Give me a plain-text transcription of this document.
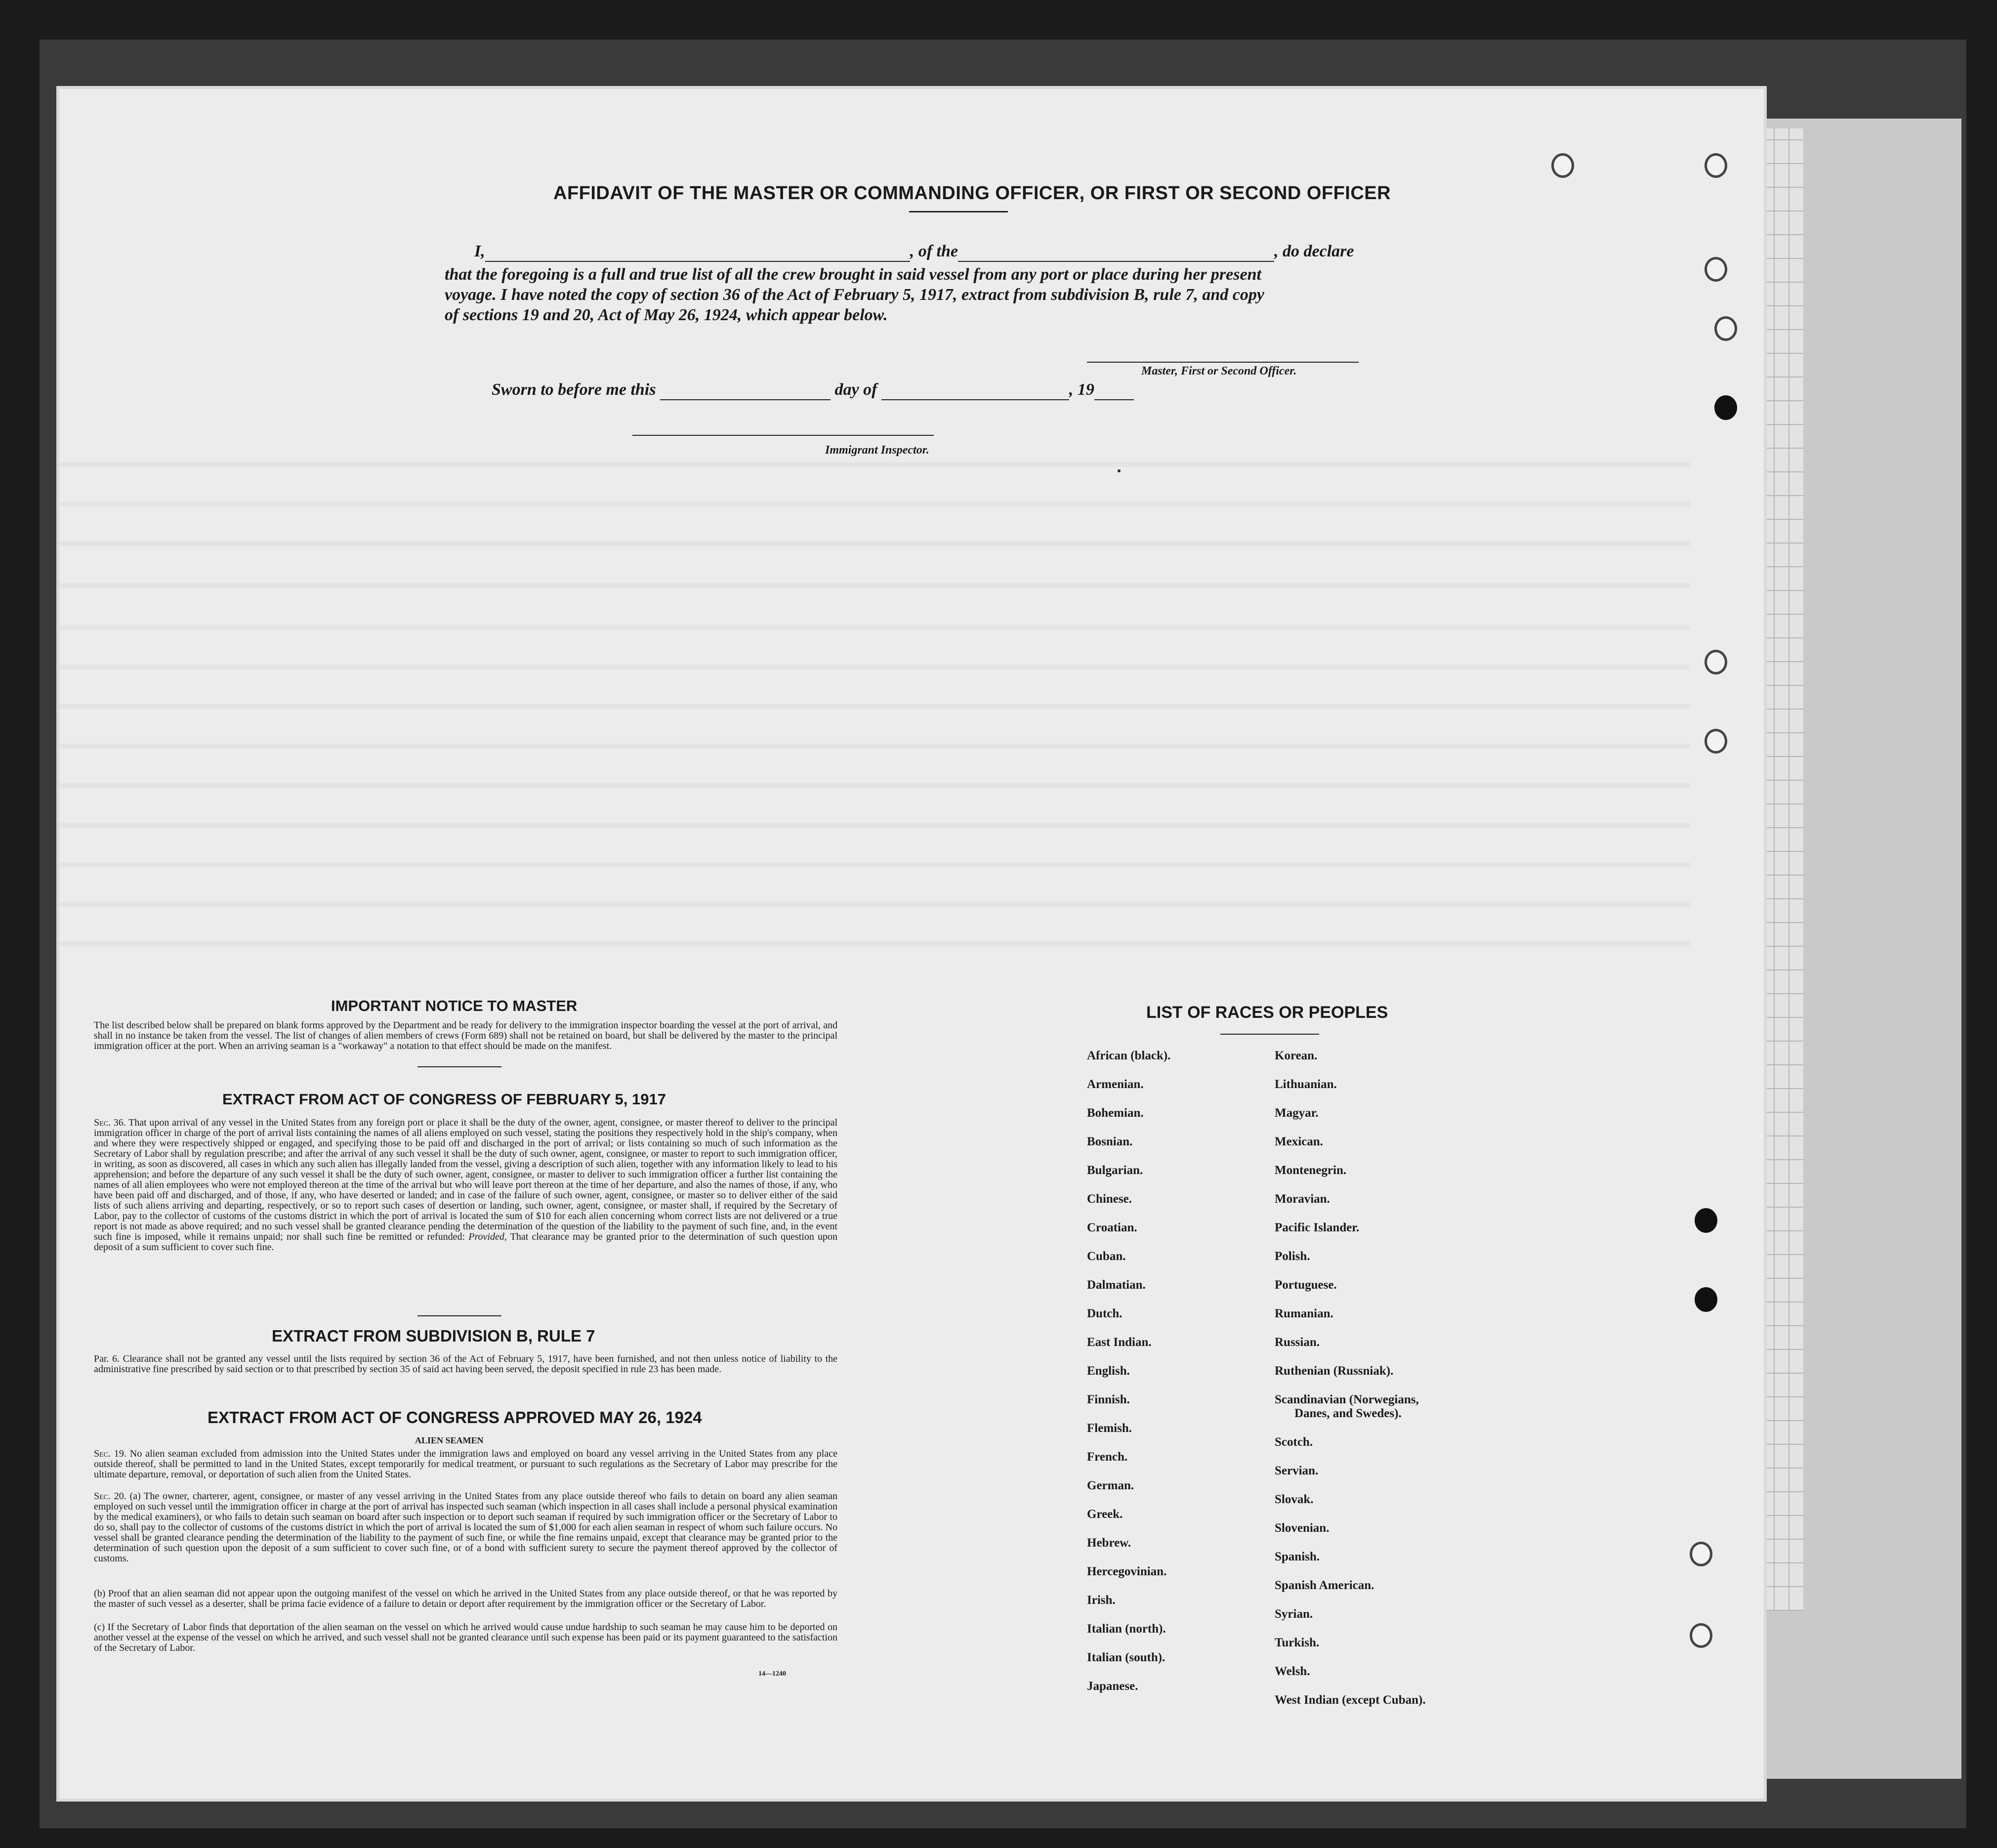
AFFIDAVIT OF THE MASTER OR COMMANDING OFFICER, OR FIRST OR SECOND OFFICER
I,	, of the	, do declare
that the foregoing is a full and true list of all the crew brought in said vessel from any port or place during her present
voyage. I have noted the copy of section 36 of the Act of February 5, 1917, extract from subdivision B, rule 7, and copy
of sections 19 and 20, Act of May 26, 1924, which appear below.
Master, First or Second Officer.
Sworn to before me this	day of	, 19
Immigrant Inspector.
IMPORTANT NOTICE TO MASTER

The list described below shall be prepared on blank forms approved by the Department and be ready for delivery to the immigration inspector boarding the vessel at the port of arrival, and shall in no instance be taken from the vessel. The list of changes of alien members of crews (Form 689) shall not be retained on board, but shall be delivered by the master to the principal immigration officer at the port. When an arriving seaman is a "workaway" a notation to that effect should be made on the manifest.

EXTRACT FROM ACT OF CONGRESS OF FEBRUARY 5, 1917

Sec. 36. That upon arrival of any vessel in the United States from any foreign port or place it shall be the duty of the owner, agent, consignee, or master thereof to deliver to the principal immigration officer in charge of the port of arrival lists containing the names of all aliens employed on such vessel, stating the positions they respectively hold in the ship's company, when and where they were respectively shipped or engaged, and specifying those to be paid off and discharged in the port of arrival; or lists containing so much of such information as the Secretary of Labor shall by regulation prescribe; and after the arrival of any such vessel it shall be the duty of such owner, agent, consignee, or master to report to such immigration officer, in writing, as soon as discovered, all cases in which any such alien has illegally landed from the vessel, giving a description of such alien, together with any information likely to lead to his apprehension; and before the departure of any such vessel it shall be the duty of such owner, agent, consignee, or master to deliver to such immigration officer a further list containing the names of all alien employees who were not employed thereon at the time of the arrival but who will leave port thereon at the time of her departure, and also the names of those, if any, who have been paid off and discharged, and of those, if any, who have deserted or landed; and in case of the failure of such owner, agent, consignee, or master so to deliver either of the said lists of such aliens arriving and departing, respectively, or so to report such cases of desertion or landing, such owner, agent, consignee, or master shall, if required by the Secretary of Labor, pay to the collector of customs of the customs district in which the port of arrival is located the sum of $10 for each alien concerning whom correct lists are not delivered or a true report is not made as above required; and no such vessel shall be granted clearance pending the determination of the question of the liability to the payment of such fine, and, in the event such fine is imposed, while it remains unpaid; nor shall such fine be remitted or refunded: Provided, That clearance may be granted prior to the determination of such question upon deposit of a sum sufficient to cover such fine.

EXTRACT FROM SUBDIVISION B, RULE 7

Par. 6. Clearance shall not be granted any vessel until the lists required by section 36 of the Act of February 5, 1917, have been furnished, and not then unless notice of liability to the administrative fine prescribed by said section or to that prescribed by section 35 of said act having been served, the deposit specified in rule 23 has been made.

EXTRACT FROM ACT OF CONGRESS APPROVED MAY 26, 1924
ALIEN SEAMEN

Sec. 19. No alien seaman excluded from admission into the United States under the immigration laws and employed on board any vessel arriving in the United States from any place outside thereof, shall be permitted to land in the United States, except temporarily for medical treatment, or pursuant to such regulations as the Secretary of Labor may prescribe for the ultimate departure, removal, or deportation of such alien from the United States.

Sec. 20. (a) The owner, charterer, agent, consignee, or master of any vessel arriving in the United States from any place outside thereof who fails to detain on board any alien seaman employed on such vessel until the immigration officer in charge at the port of arrival has inspected such seaman (which inspection in all cases shall include a personal physical examination by the medical examiners), or who fails to detain such seaman on board after such inspection or to deport such seaman if required by such immigration officer or the Secretary of Labor to do so, shall pay to the collector of customs of the customs district in which the port of arrival is located the sum of $1,000 for each alien seaman in respect of whom such failure occurs. No vessel shall be granted clearance pending the determination of the liability to the payment of such fine, or while the fine remains unpaid, except that clearance may be granted prior to the determination of such question upon the deposit of a sum sufficient to cover such fine, or of a bond with sufficient surety to secure the payment thereof approved by the collector of customs.

(b) Proof that an alien seaman did not appear upon the outgoing manifest of the vessel on which he arrived in the United States from any place outside thereof, or that he was reported by the master of such vessel as a deserter, shall be prima facie evidence of a failure to detain or deport after requirement by the immigration officer or the Secretary of Labor.

(c) If the Secretary of Labor finds that deportation of the alien seaman on the vessel on which he arrived would cause undue hardship to such seaman he may cause him to be deported on another vessel at the expense of the vessel on which he arrived, and such vessel shall not be granted clearance until such expense has been paid or its payment guaranteed to the satisfaction of the Secretary of Labor.

14—1240
LIST OF RACES OR PEOPLES
African (black).
Armenian.
Bohemian.
Bosnian.
Bulgarian.
Chinese.
Croatian.
Cuban.
Dalmatian.
Dutch.
East Indian.
English.
Finnish.
Flemish.
French.
German.
Greek.
Hebrew.
Hercegovinian.
Irish.
Italian (north).
Italian (south).
Japanese.
Korean.
Lithuanian.
Magyar.
Mexican.
Montenegrin.
Moravian.
Pacific Islander.
Polish.
Portuguese.
Rumanian.
Russian.
Ruthenian (Russniak).
Scandinavian (Norwegians,
Danes, and Swedes).
Scotch.
Servian.
Slovak.
Slovenian.
Spanish.
Spanish American.
Syrian.
Turkish.
Welsh.
West Indian (except Cuban).
